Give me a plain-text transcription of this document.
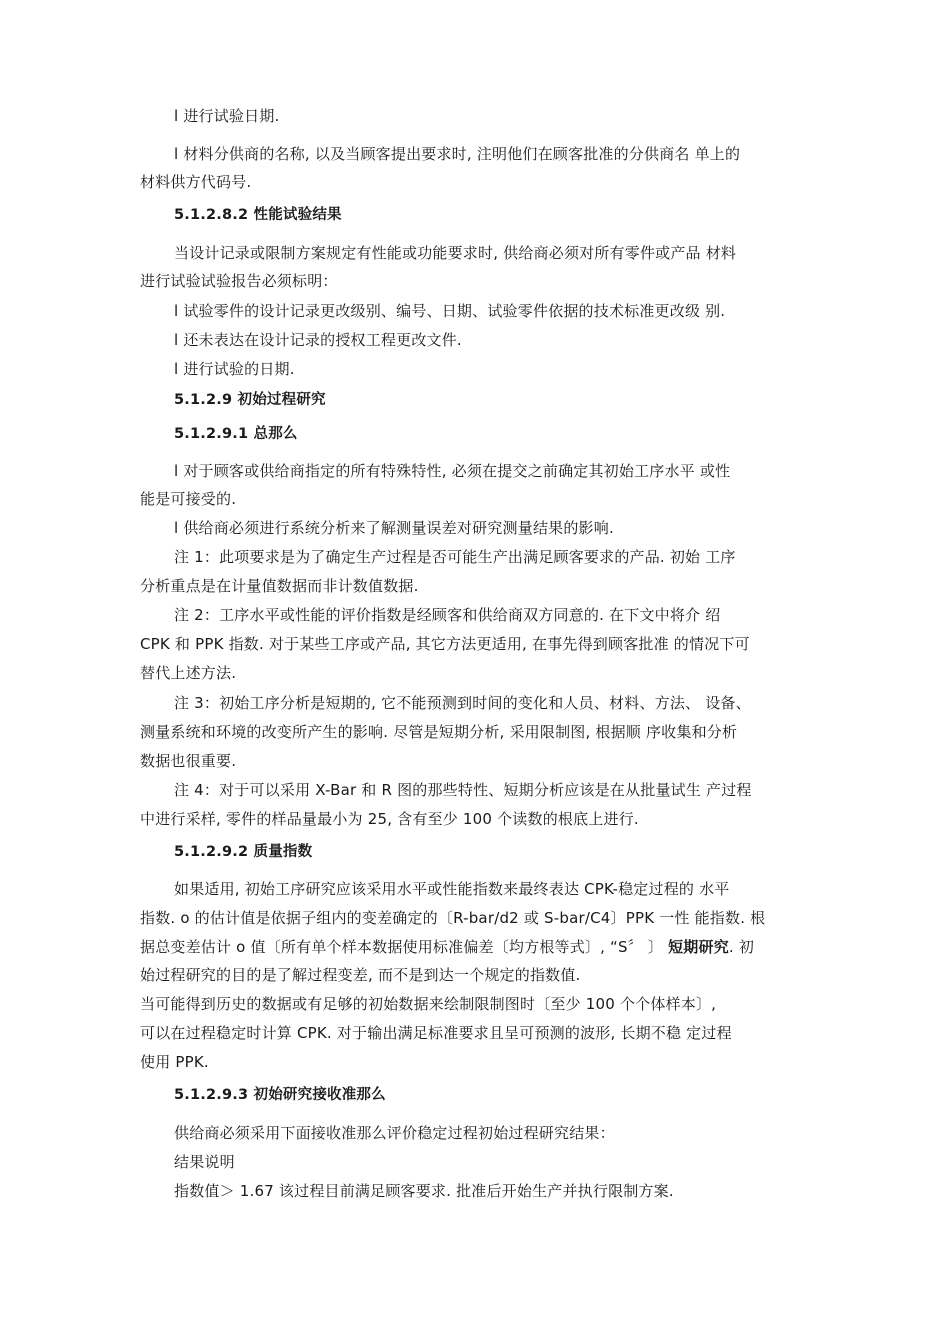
l 进行试验日期.
l 材料分供商的名称, 以及当顾客提出要求时, 注明他们在顾客批准的分供商名 单上的
材料供方代码号.
5.1.2.8.2 性能试验结果
当设计记录或限制方案规定有性能或功能要求时, 供给商必须对所有零件或产品 材料
进行试验试验报告必须标明：
l 试验零件的设计记录更改级别、编号、日期、试验零件依据的技术标准更改级 别.
l 还未表达在设计记录的授权工程更改文件.
l 进行试验的日期.
5.1.2.9 初始过程研究
5.1.2.9.1 总那么
l 对于顾客或供给商指定的所有特殊特性, 必须在提交之前确定其初始工序水平 或性
能是可接受的.
l 供给商必须进行系统分析来了解测量误差对研究测量结果的影响.
注 1：此项要求是为了确定生产过程是否可能生产出满足顾客要求的产品. 初始 工序
分析重点是在计量值数据而非计数值数据.
注 2：工序水平或性能的评价指数是经顾客和供给商双方同意的. 在下文中将介 绍
CPK 和 PPK 指数. 对于某些工序或产品, 其它方法更适用, 在事先得到顾客批准 的情况下可
替代上述方法.
注 3：初始工序分析是短期的, 它不能预测到时间的变化和人员、材料、方法、 设备、
测量系统和环境的改变所产生的影响. 尽管是短期分析, 采用限制图, 根据顺 序收集和分析
数据也很重要.
注 4：对于可以采用 X-Bar 和 R 图的那些特性、短期分析应该是在从批量试生 产过程
中进行采样, 零件的样品量最小为 25, 含有至少 100 个读数的根底上进行.
5.1.2.9.2 质量指数
如果适用, 初始工序研究应该采用水平或性能指数来最终表达 CPK-稳定过程的 水平
指数. o 的估计值是依据子组内的变差确定的〔R-bar/d2 或 S-bar/C4〕PPK 一性 能指数. 根
据总变差估计 o 值〔所有单个样本数据使用标准偏差〔均方根等式〕, “S〞 〕 短期研究. 初
始过程研究的目的是了解过程变差, 而不是到达一个规定的指数值.
当可能得到历史的数据或有足够的初始数据来绘制限制图时〔至少 100 个个体样本〕,
可以在过程稳定时计算 CPK. 对于输出满足标准要求且呈可预测的波形, 长期不稳 定过程
使用 PPK.
5.1.2.9.3 初始研究接收准那么
供给商必须采用下面接收准那么评价稳定过程初始过程研究结果：
结果说明
指数值＞ 1.67 该过程目前满足顾客要求. 批准后开始生产并执行限制方案.
